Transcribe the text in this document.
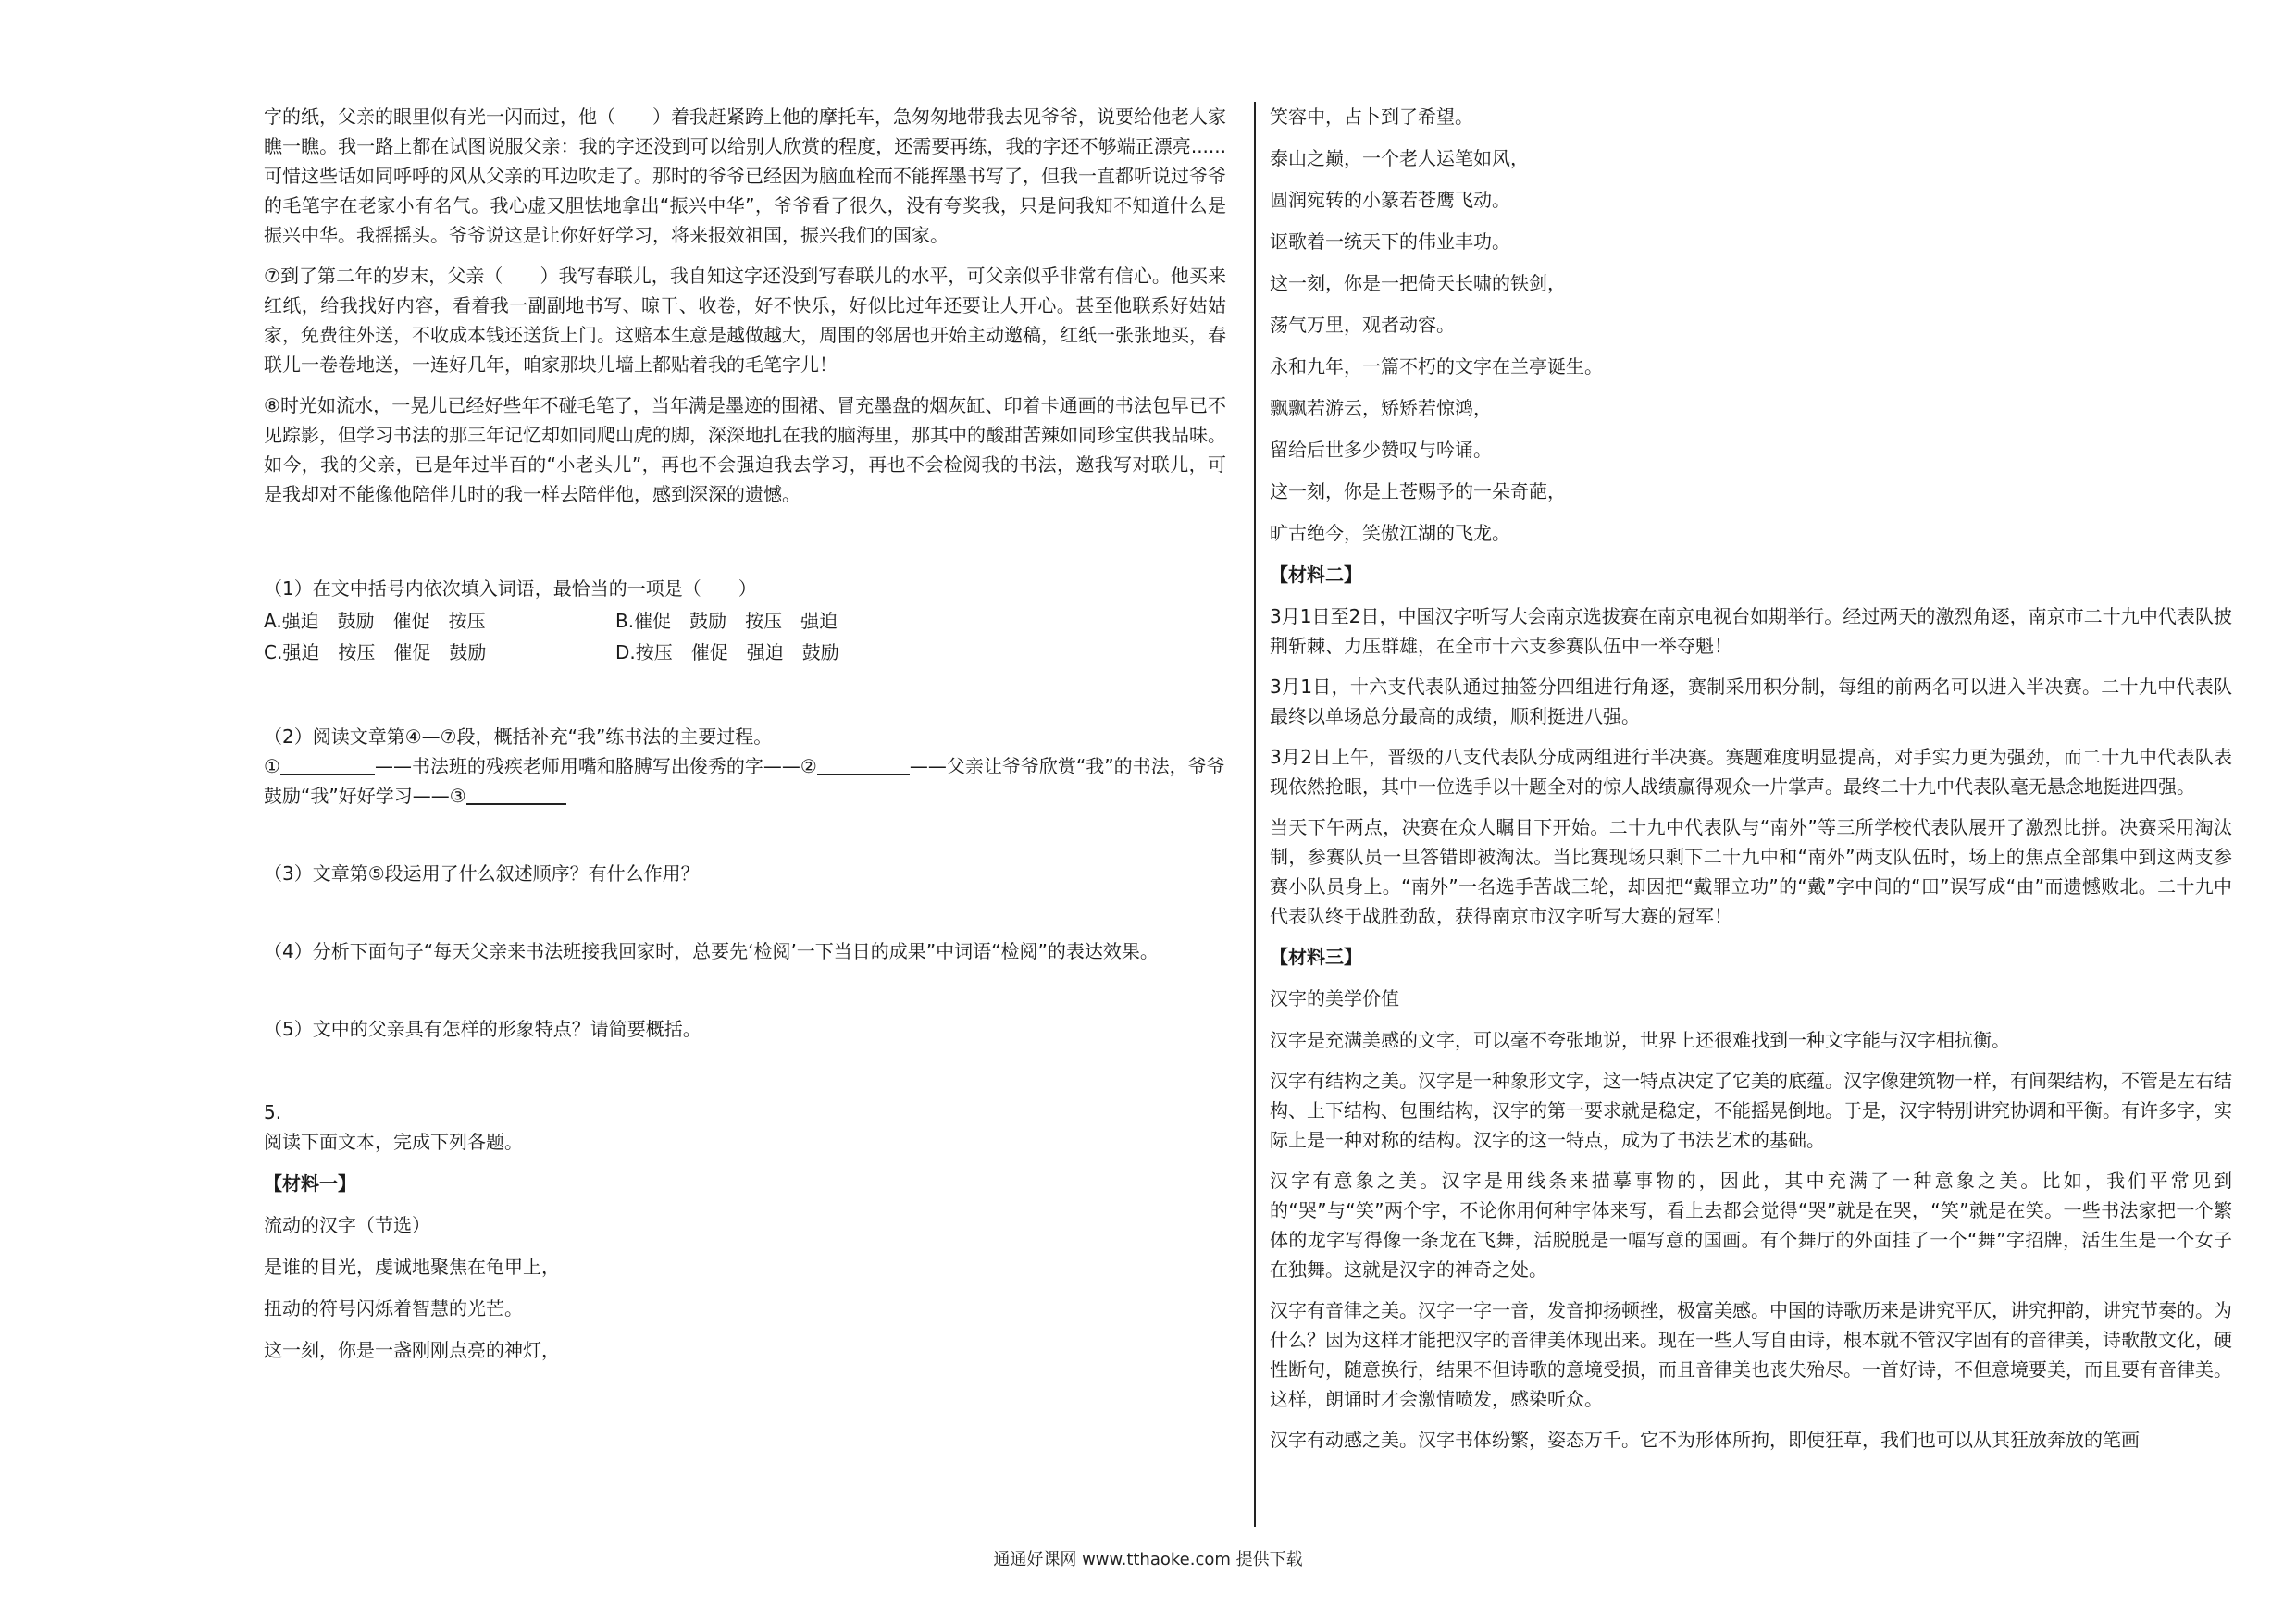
字的纸，父亲的眼里似有光一闪而过，他（　　）着我赶紧跨上他的摩托车，急匆匆地带我去见爷爷，说要给他老人家瞧一瞧。我一路上都在试图说服父亲：我的字还没到可以给别人欣赏的程度，还需要再练，我的字还不够端正漂亮......可惜这些话如同呼呼的风从父亲的耳边吹走了。那时的爷爷已经因为脑血栓而不能挥墨书写了，但我一直都听说过爷爷的毛笔字在老家小有名气。我心虚又胆怯地拿出“振兴中华”，爷爷看了很久，没有夸奖我，只是问我知不知道什么是振兴中华。我摇摇头。爷爷说这是让你好好学习，将来报效祖国，振兴我们的国家。

⑦到了第二年的岁末，父亲（　　）我写春联儿，我自知这字还没到写春联儿的水平，可父亲似乎非常有信心。他买来红纸，给我找好内容，看着我一副副地书写、晾干、收卷，好不快乐，好似比过年还要让人开心。甚至他联系好姑姑家，免费往外送，不收成本钱还送货上门。这赔本生意是越做越大，周围的邻居也开始主动邀稿，红纸一张张地买，春联儿一卷卷地送，一连好几年，咱家那块儿墙上都贴着我的毛笔字儿！

⑧时光如流水，一晃儿已经好些年不碰毛笔了，当年满是墨迹的围裙、冒充墨盘的烟灰缸、印着卡通画的书法包早已不见踪影，但学习书法的那三年记忆却如同爬山虎的脚，深深地扎在我的脑海里，那其中的酸甜苦辣如同珍宝供我品味。如今，我的父亲，已是年过半百的“小老头儿”，再也不会强迫我去学习，再也不会检阅我的书法，邀我写对联儿，可是我却对不能像他陪伴儿时的我一样去陪伴他，感到深深的遗憾。

（1）在文中括号内依次填入词语，最恰当的一项是（　　）

A.强迫　鼓励　催促　按压	B.催促　鼓励　按压　强迫
C.强迫　按压　催促　鼓励	D.按压　催促　强迫　鼓励

（2）阅读文章第④—⑦段，概括补充“我”练书法的主要过程。

①	——书法班的残疾老师用嘴和胳膊写出俊秀的字——②	——父亲让爷爷欣赏“我”的书法，爷爷鼓励“我”好好学习——③

（3）文章第⑤段运用了什么叙述顺序？有什么作用？

（4）分析下面句子“每天父亲来书法班接我回家时，总要先‘检阅’一下当日的成果”中词语“检阅”的表达效果。

（5）文中的父亲具有怎样的形象特点？请简要概括。

5.

阅读下面文本，完成下列各题。

【材料一】

流动的汉字（节选）

是谁的目光，虔诚地聚焦在龟甲上，

扭动的符号闪烁着智慧的光芒。

这一刻，你是一盏刚刚点亮的神灯，

笑容中，占卜到了希望。

泰山之巅，一个老人运笔如风，

圆润宛转的小篆若苍鹰飞动。

讴歌着一统天下的伟业丰功。

这一刻，你是一把倚天长啸的铁剑，

荡气万里，观者动容。

永和九年，一篇不朽的文字在兰亭诞生。

飘飘若游云，矫矫若惊鸿，

留给后世多少赞叹与吟诵。

这一刻，你是上苍赐予的一朵奇葩，

旷古绝今，笑傲江湖的飞龙。

【材料二】

3月1日至2日，中国汉字听写大会南京选拔赛在南京电视台如期举行。经过两天的激烈角逐，南京市二十九中代表队披荆斩棘、力压群雄，在全市十六支参赛队伍中一举夺魁！

3月1日，十六支代表队通过抽签分四组进行角逐，赛制采用积分制，每组的前两名可以进入半决赛。二十九中代表队最终以单场总分最高的成绩，顺利挺进八强。

3月2日上午，晋级的八支代表队分成两组进行半决赛。赛题难度明显提高，对手实力更为强劲，而二十九中代表队表现依然抢眼，其中一位选手以十题全对的惊人战绩赢得观众一片掌声。最终二十九中代表队毫无悬念地挺进四强。

当天下午两点，决赛在众人瞩目下开始。二十九中代表队与“南外”等三所学校代表队展开了激烈比拼。决赛采用淘汰制，参赛队员一旦答错即被淘汰。当比赛现场只剩下二十九中和“南外”两支队伍时，场上的焦点全部集中到这两支参赛小队员身上。“南外”一名选手苦战三轮，却因把“戴罪立功”的“戴”字中间的“田”误写成“由”而遗憾败北。二十九中代表队终于战胜劲敌，获得南京市汉字听写大赛的冠军！

【材料三】

汉字的美学价值

汉字是充满美感的文字，可以毫不夸张地说，世界上还很难找到一种文字能与汉字相抗衡。

汉字有结构之美。汉字是一种象形文字，这一特点决定了它美的底蕴。汉字像建筑物一样，有间架结构，不管是左右结构、上下结构、包围结构，汉字的第一要求就是稳定，不能摇晃倒地。于是，汉字特别讲究协调和平衡。有许多字，实际上是一种对称的结构。汉字的这一特点，成为了书法艺术的基础。

汉字有意象之美。汉字是用线条来描摹事物的，因此，其中充满了一种意象之美。比如，我们平常见到的“哭”与“笑”两个字，不论你用何种字体来写，看上去都会觉得“哭”就是在哭，“笑”就是在笑。一些书法家把一个繁体的龙字写得像一条龙在飞舞，活脱脱是一幅写意的国画。有个舞厅的外面挂了一个“舞”字招牌，活生生是一个女子在独舞。这就是汉字的神奇之处。

汉字有音律之美。汉字一字一音，发音抑扬顿挫，极富美感。中国的诗歌历来是讲究平仄，讲究押韵，讲究节奏的。为什么？因为这样才能把汉字的音律美体现出来。现在一些人写自由诗，根本就不管汉字固有的音律美，诗歌散文化，硬性断句，随意换行，结果不但诗歌的意境受损，而且音律美也丧失殆尽。一首好诗，不但意境要美，而且要有音律美。这样，朗诵时才会激情喷发，感染听众。

汉字有动感之美。汉字书体纷繁，姿态万千。它不为形体所拘，即使狂草，我们也可以从其狂放奔放的笔画

通通好课网 www.tthaoke.com 提供下载
